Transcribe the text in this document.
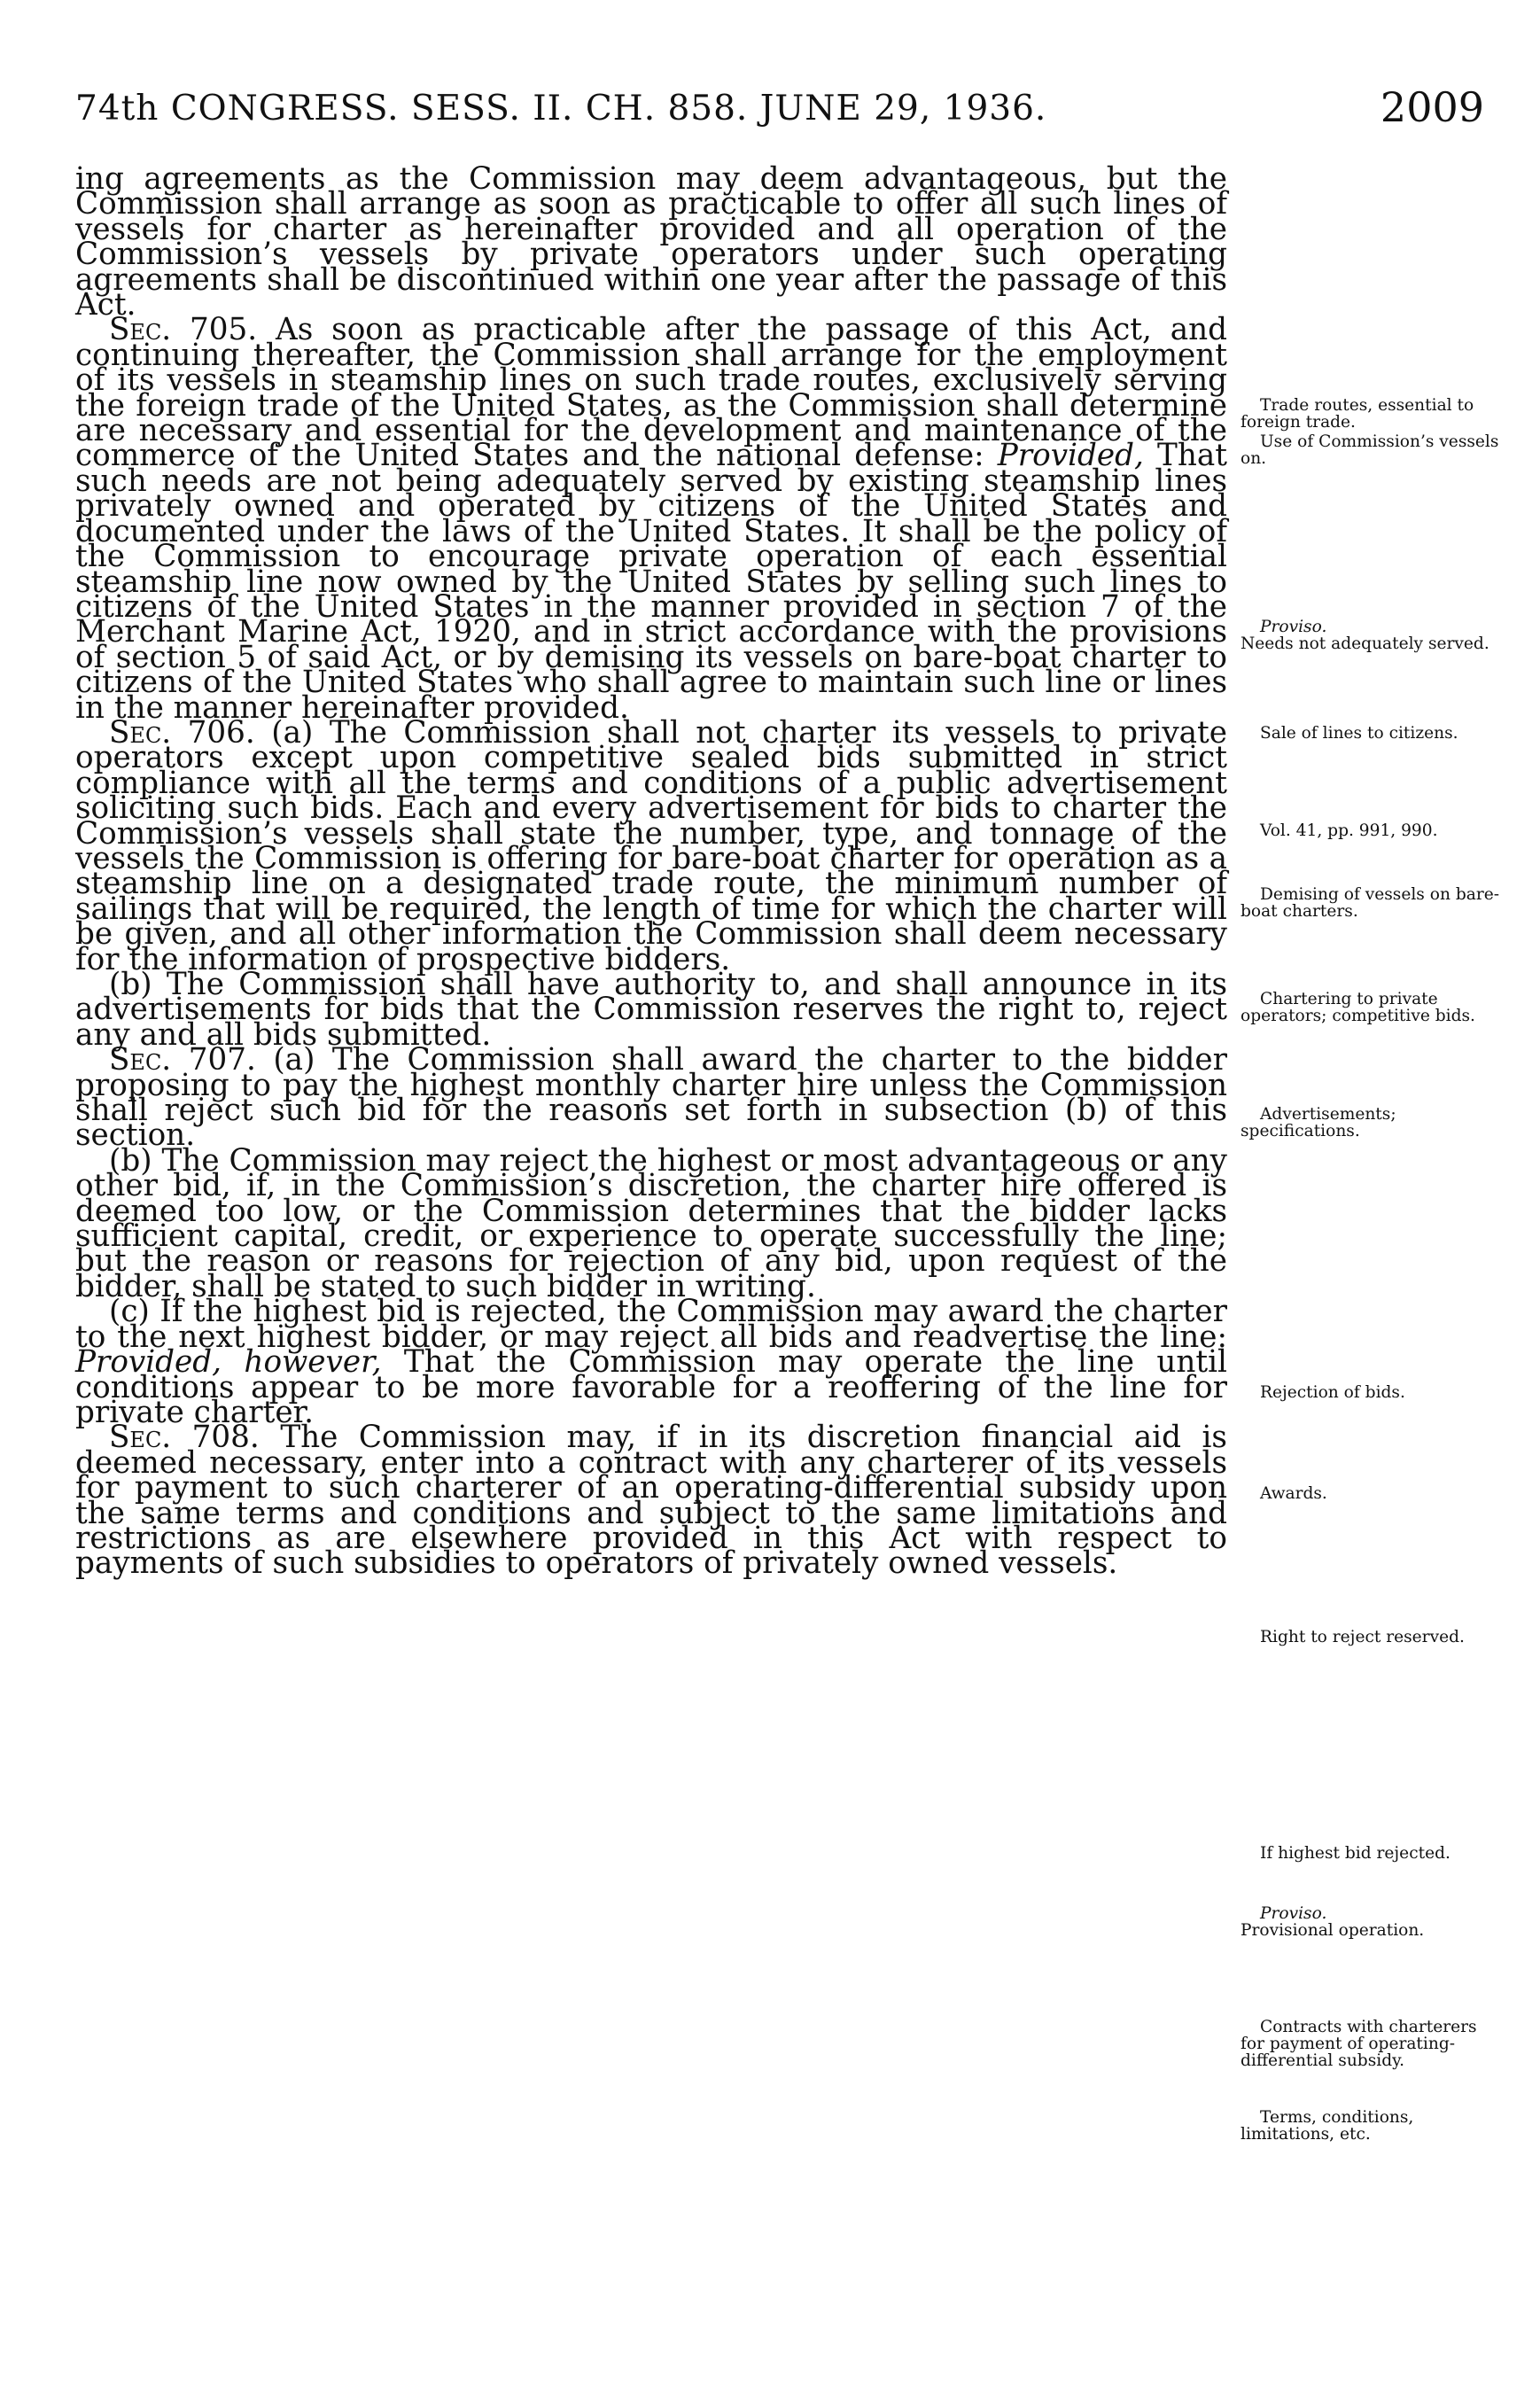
74th CONGRESS. SESS. II. CH. 858. JUNE 29, 1936.	2009

ing agreements as the Commission may deem advantageous, but the Commission shall arrange as soon as practicable to offer all such lines of vessels for charter as hereinafter provided and all operation of the Commission’s vessels by private operators under such operating agreements shall be discontinued within one year after the passage of this Act.

Sec. 705. As soon as practicable after the passage of this Act, and continuing thereafter, the Commission shall arrange for the employment of its vessels in steamship lines on such trade routes, exclusively serving the foreign trade of the United States, as the Commission shall determine are necessary and essential for the development and maintenance of the commerce of the United States and the national defense: Provided, That such needs are not being adequately served by existing steamship lines privately owned and operated by citizens of the United States and documented under the laws of the United States. It shall be the policy of the Commission to encourage private operation of each essential steamship line now owned by the United States by selling such lines to citizens of the United States in the manner provided in section 7 of the Merchant Marine Act, 1920, and in strict accordance with the provisions of section 5 of said Act, or by demising its vessels on bare-boat charter to citizens of the United States who shall agree to maintain such line or lines in the manner hereinafter provided.

Sec. 706. (a) The Commission shall not charter its vessels to private operators except upon competitive sealed bids submitted in strict compliance with all the terms and conditions of a public advertisement soliciting such bids. Each and every advertisement for bids to charter the Commission’s vessels shall state the number, type, and tonnage of the vessels the Commission is offering for bare-boat charter for operation as a steamship line on a designated trade route, the minimum number of sailings that will be required, the length of time for which the charter will be given, and all other information the Commission shall deem necessary for the information of prospective bidders.

(b) The Commission shall have authority to, and shall announce in its advertisements for bids that the Commission reserves the right to, reject any and all bids submitted.

Sec. 707. (a) The Commission shall award the charter to the bidder proposing to pay the highest monthly charter hire unless the Commission shall reject such bid for the reasons set forth in subsection (b) of this section.

(b) The Commission may reject the highest or most advantageous or any other bid, if, in the Commission’s discretion, the charter hire offered is deemed too low, or the Commission determines that the bidder lacks sufficient capital, credit, or experience to operate successfully the line; but the reason or reasons for rejection of any bid, upon request of the bidder, shall be stated to such bidder in writing.

(c) If the highest bid is rejected, the Commission may award the charter to the next highest bidder, or may reject all bids and readvertise the line: Provided, however, That the Commission may operate the line until conditions appear to be more favorable for a reoffering of the line for private charter.

Sec. 708. The Commission may, if in its discretion financial aid is deemed necessary, enter into a contract with any charterer of its vessels for payment to such charterer of an operating-differential subsidy upon the same terms and conditions and subject to the same limitations and restrictions as are elsewhere provided in this Act with respect to payments of such subsidies to operators of privately owned vessels.

Trade routes, essential to foreign trade.
Use of Commission’s vessels on.
Proviso.
Needs not adequately served.
Sale of lines to citizens.
Vol. 41, pp. 991, 990.
Demising of vessels on bare-boat charters.
Chartering to private operators; competitive bids.
Advertisements; specifications.
Rejection of bids.
Awards.
Right to reject reserved.
If highest bid rejected.
Proviso.
Provisional operation.
Contracts with charterers for payment of operating-differential subsidy.
Terms, conditions, limitations, etc.
